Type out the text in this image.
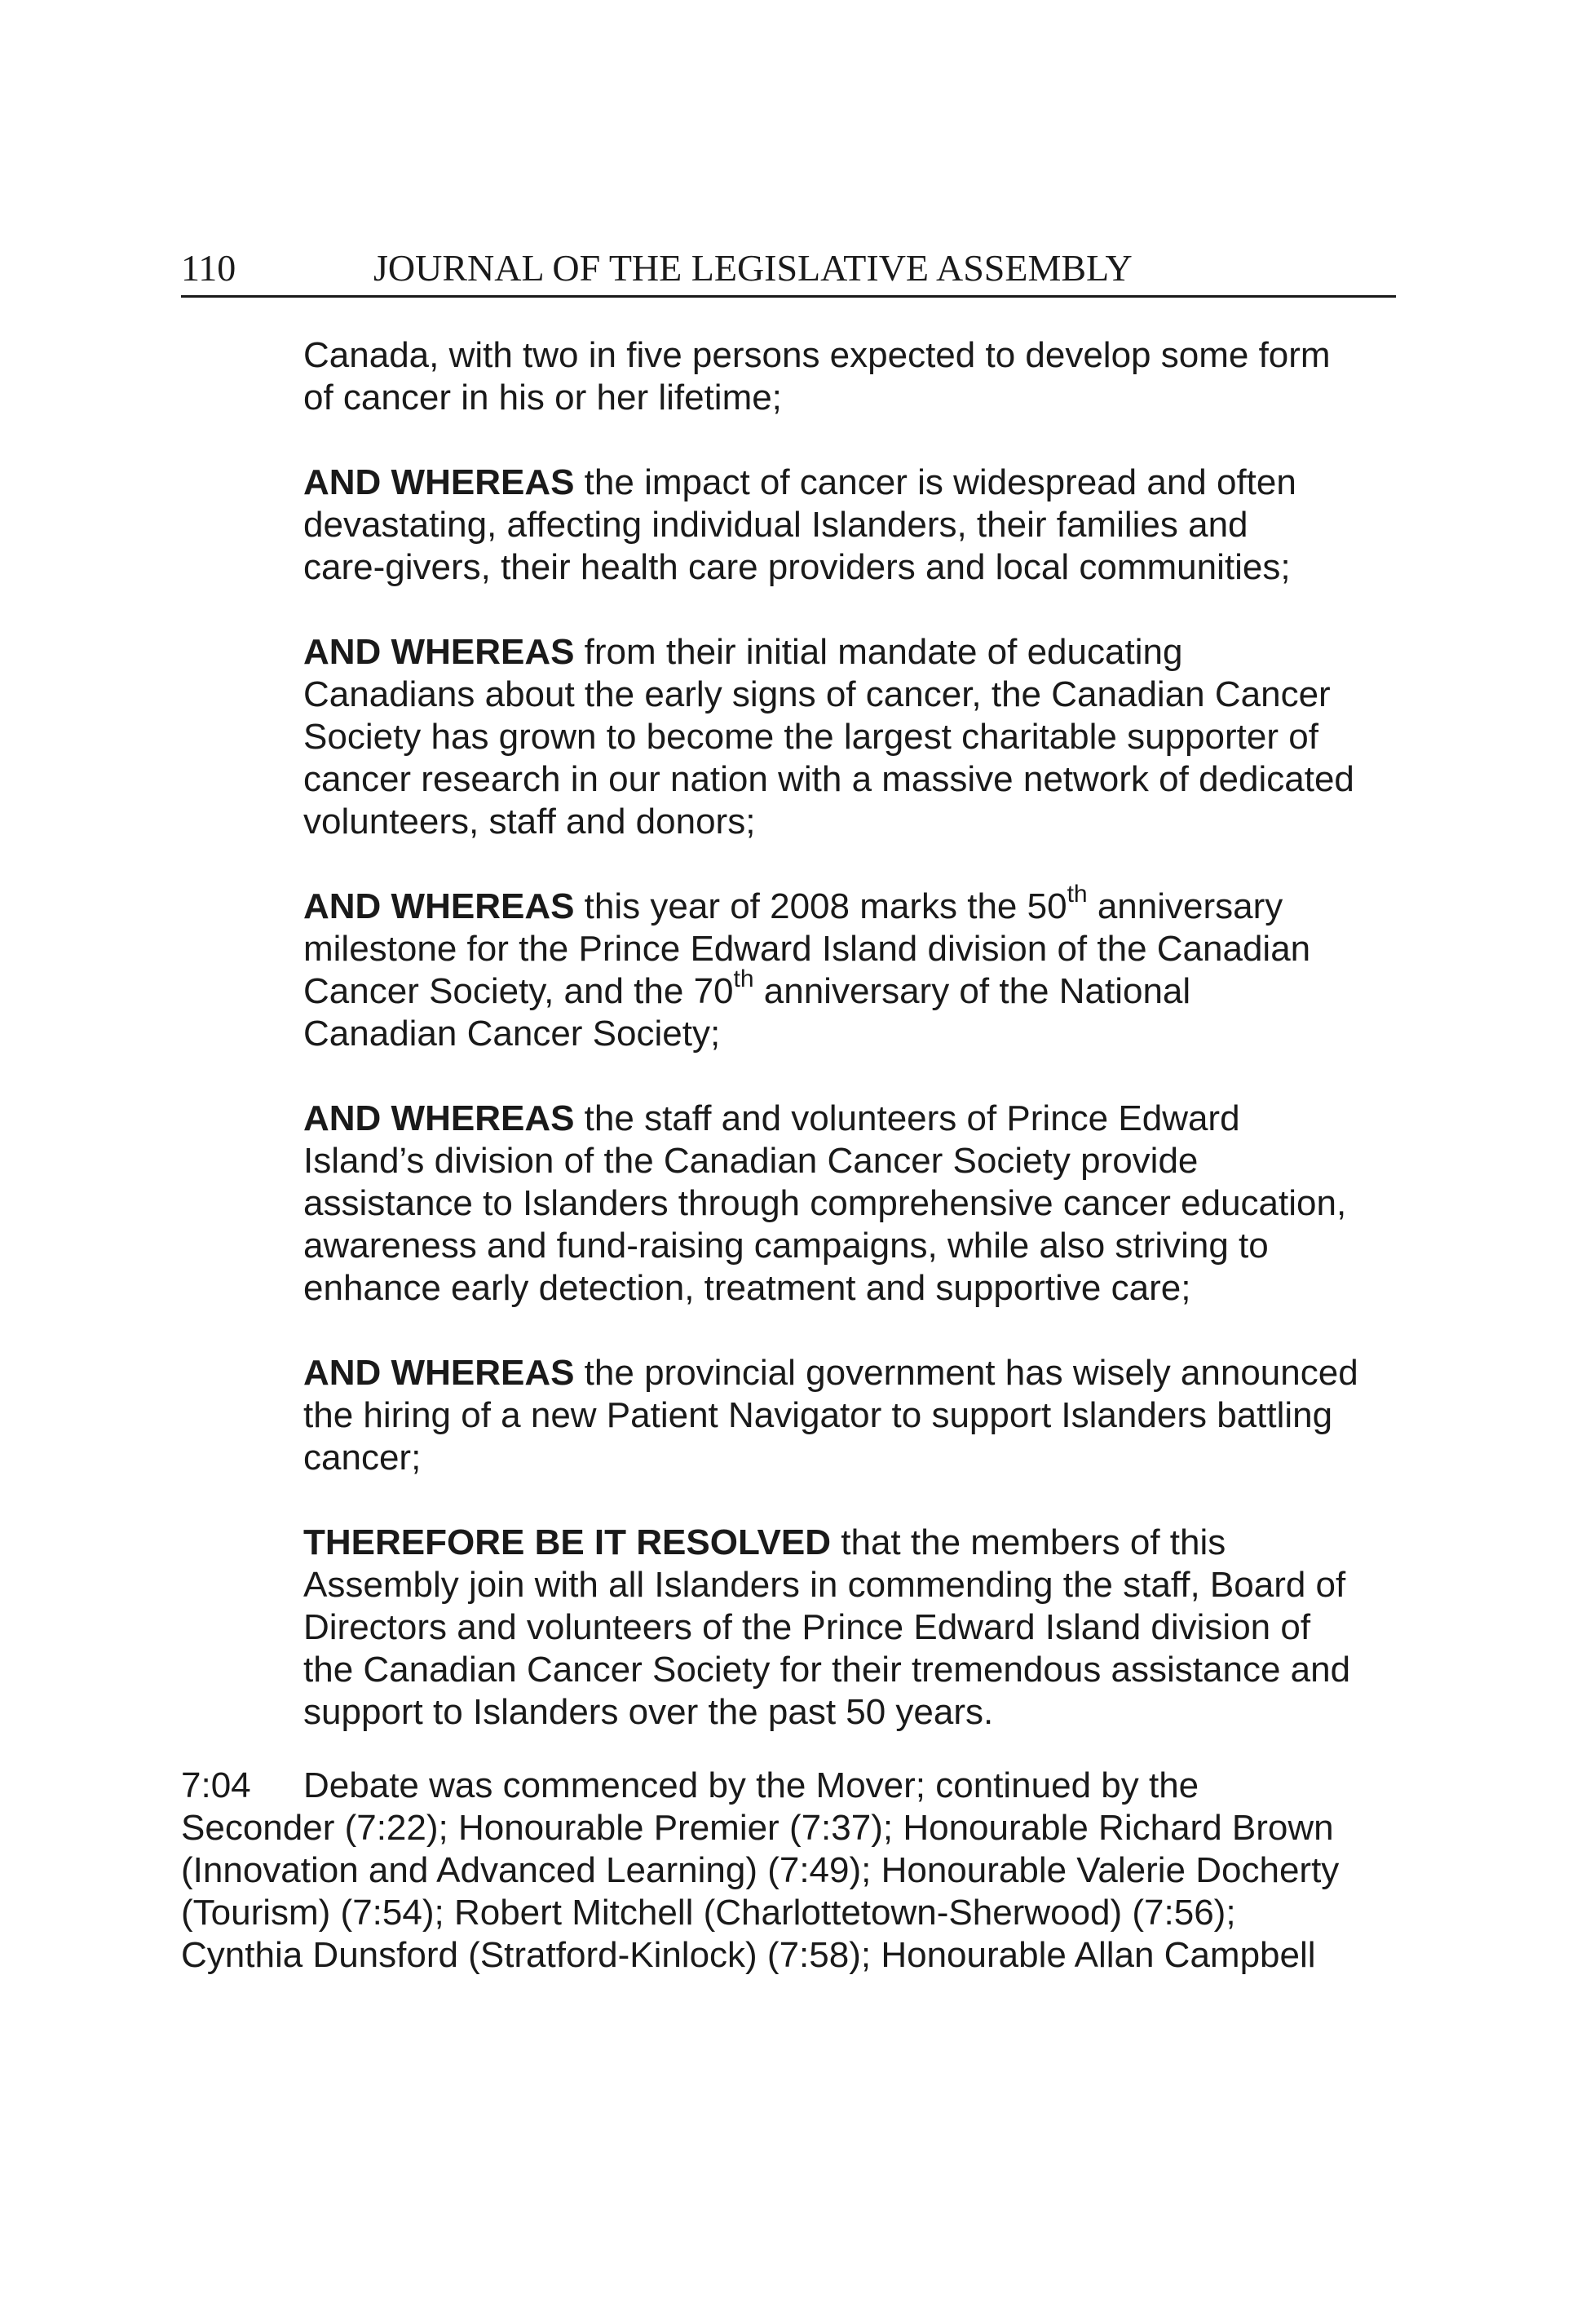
110	JOURNAL OF THE LEGISLATIVE ASSEMBLY
Canada, with two in five persons expected to develop some form
of cancer in his or her lifetime;
AND WHEREAS the impact of cancer is widespread and often
devastating, affecting individual Islanders, their families and
care-givers, their health care providers and local communities;
AND WHEREAS from their initial mandate of educating
Canadians about the early signs of cancer, the Canadian Cancer
Society has grown to become the largest charitable supporter of
cancer research in our nation with a massive network of dedicated
volunteers, staff and donors;
AND WHEREAS this year of 2008 marks the 50th anniversary
milestone for the Prince Edward Island division of the Canadian
Cancer Society, and the 70th anniversary of the National
Canadian Cancer Society;
AND WHEREAS the staff and volunteers of Prince Edward
Island’s division of the Canadian Cancer Society provide
assistance to Islanders through comprehensive cancer education,
awareness and fund-raising campaigns, while also striving to
enhance early detection, treatment and supportive care;
AND WHEREAS the provincial government has wisely announced
the hiring of a new Patient Navigator to support Islanders battling
cancer;
THEREFORE BE IT RESOLVED that the members of this
Assembly join with all Islanders in commending the staff, Board of
Directors and volunteers of the Prince Edward Island division of
the Canadian Cancer Society for their tremendous assistance and
support to Islanders over the past 50 years.
7:04 Debate was commenced by the Mover; continued by the
Seconder (7:22); Honourable Premier (7:37); Honourable Richard Brown
(Innovation and Advanced Learning) (7:49); Honourable Valerie Docherty
(Tourism) (7:54); Robert Mitchell (Charlottetown-Sherwood) (7:56);
Cynthia Dunsford (Stratford-Kinlock) (7:58); Honourable Allan Campbell
